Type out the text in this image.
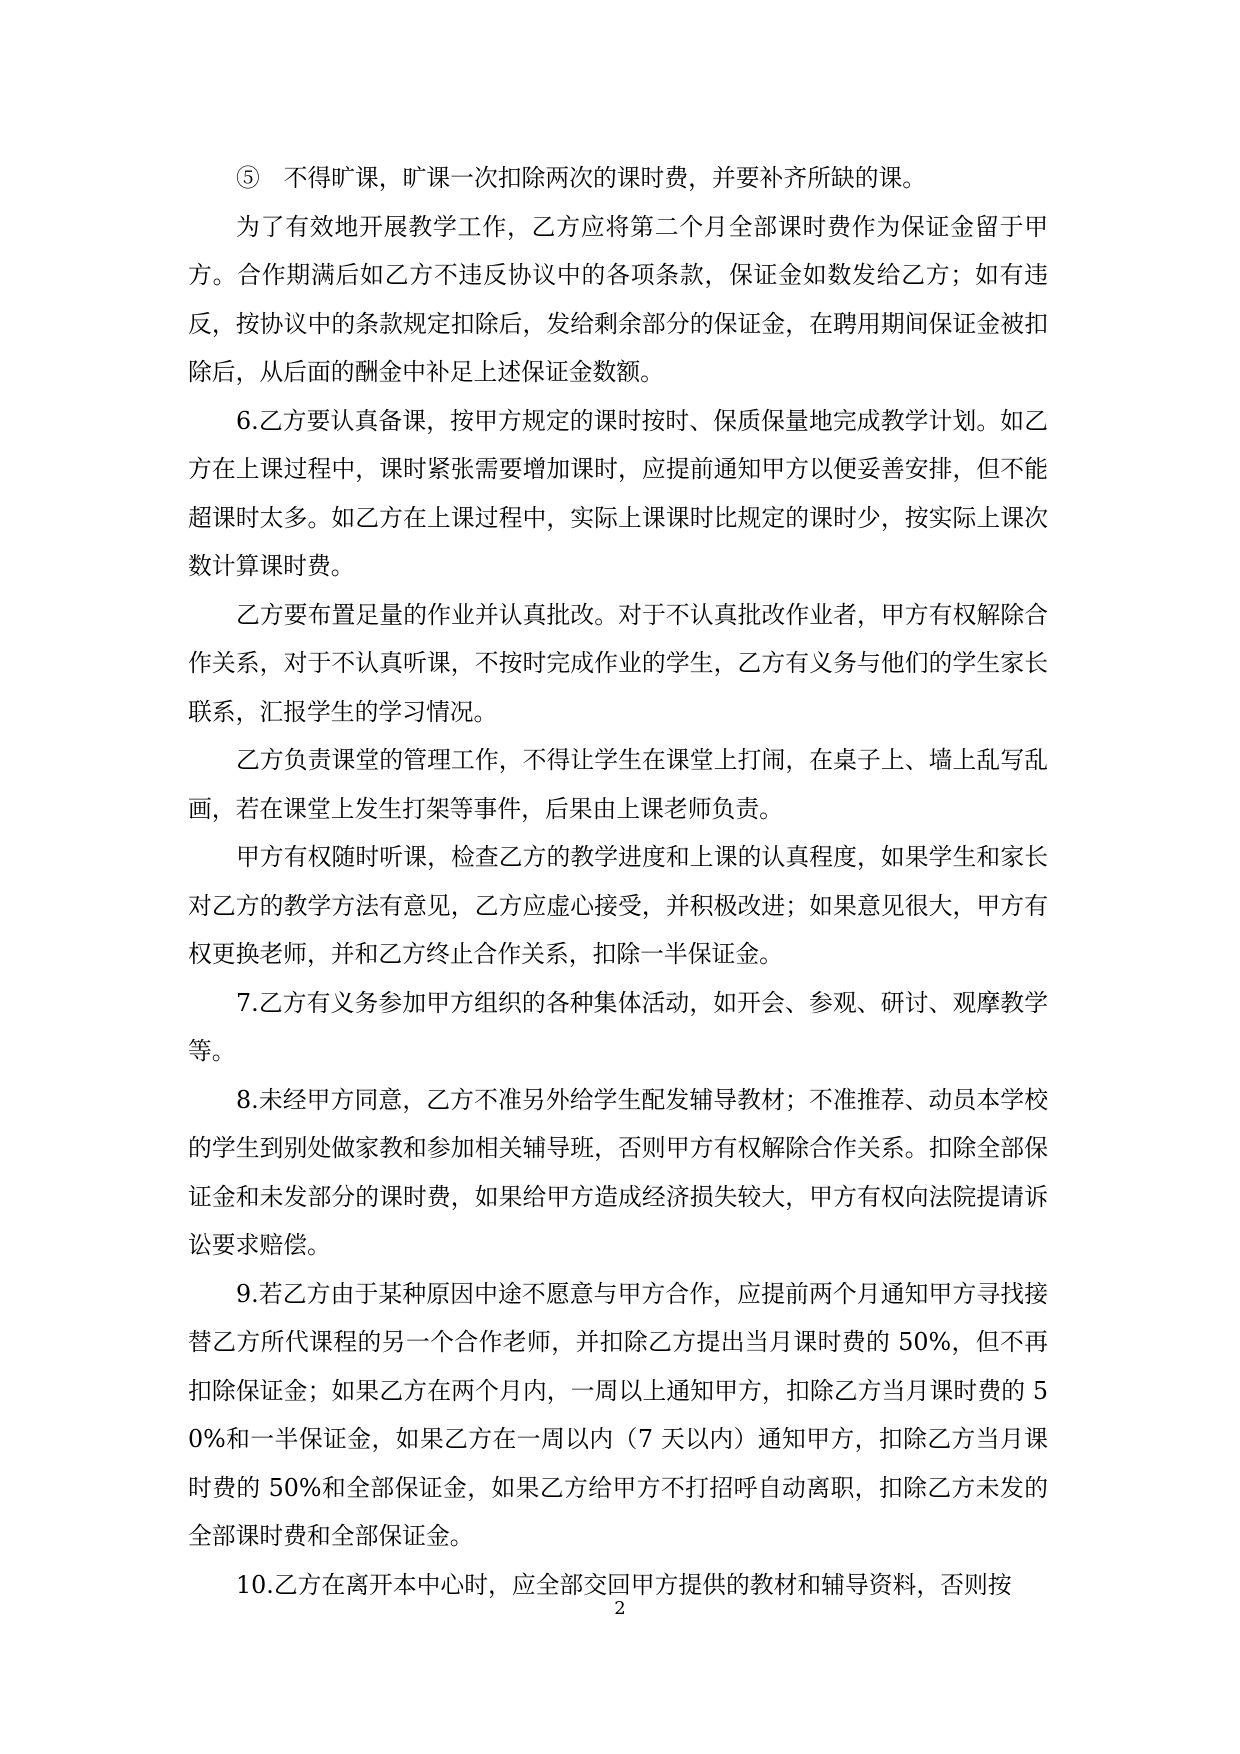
⑤　不得旷课，旷课一次扣除两次的课时费，并要补齐所缺的课。

为了有效地开展教学工作，乙方应将第二个月全部课时费作为保证金留于甲方。合作期满后如乙方不违反协议中的各项条款，保证金如数发给乙方；如有违反，按协议中的条款规定扣除后，发给剩余部分的保证金，在聘用期间保证金被扣除后，从后面的酬金中补足上述保证金数额。

6.乙方要认真备课，按甲方规定的课时按时、保质保量地完成教学计划。如乙方在上课过程中，课时紧张需要增加课时，应提前通知甲方以便妥善安排，但不能超课时太多。如乙方在上课过程中，实际上课课时比规定的课时少，按实际上课次数计算课时费。

乙方要布置足量的作业并认真批改。对于不认真批改作业者，甲方有权解除合作关系，对于不认真听课，不按时完成作业的学生，乙方有义务与他们的学生家长联系，汇报学生的学习情况。

乙方负责课堂的管理工作，不得让学生在课堂上打闹，在桌子上、墙上乱写乱画，若在课堂上发生打架等事件，后果由上课老师负责。

甲方有权随时听课，检查乙方的教学进度和上课的认真程度，如果学生和家长对乙方的教学方法有意见，乙方应虚心接受，并积极改进；如果意见很大，甲方有权更换老师，并和乙方终止合作关系，扣除一半保证金。

7.乙方有义务参加甲方组织的各种集体活动，如开会、参观、研讨、观摩教学等。

8.未经甲方同意，乙方不准另外给学生配发辅导教材；不准推荐、动员本学校的学生到别处做家教和参加相关辅导班，否则甲方有权解除合作关系。扣除全部保证金和未发部分的课时费，如果给甲方造成经济损失较大，甲方有权向法院提请诉讼要求赔偿。

9.若乙方由于某种原因中途不愿意与甲方合作，应提前两个月通知甲方寻找接替乙方所代课程的另一个合作老师，并扣除乙方提出当月课时费的 50%，但不再扣除保证金；如果乙方在两个月内，一周以上通知甲方，扣除乙方当月课时费的 50%和一半保证金，如果乙方在一周以内（7 天以内）通知甲方，扣除乙方当月课时费的 50%和全部保证金，如果乙方给甲方不打招呼自动离职，扣除乙方未发的全部课时费和全部保证金。

10.乙方在离开本中心时，应全部交回甲方提供的教材和辅导资料，否则按

2
